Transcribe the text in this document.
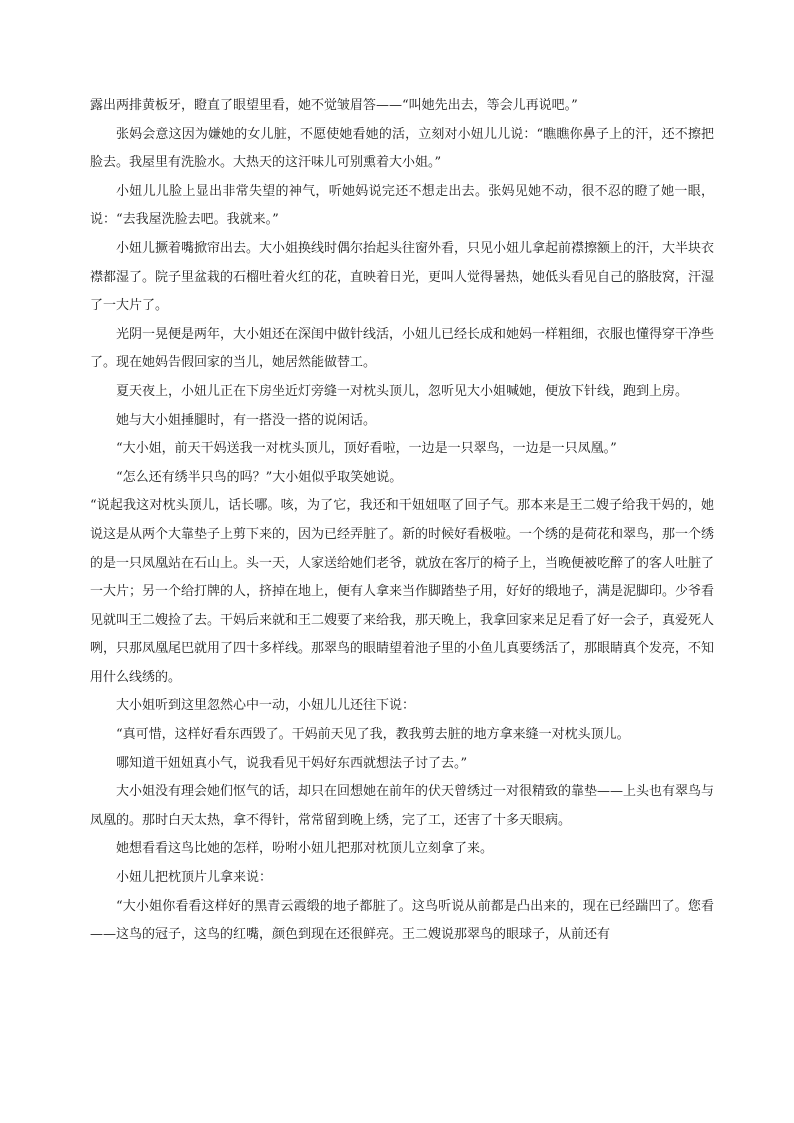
露出两排黄板牙，瞪直了眼望里看，她不觉皱眉答——“叫她先出去，等会儿再说吧。”

张妈会意这因为嫌她的女儿脏，不愿使她看她的活，立刻对小妞儿儿说：“瞧瞧你鼻子上的汗，还不擦把脸去。我屋里有洗脸水。大热天的这汗味儿可别熏着大小姐。”

小妞儿儿脸上显出非常失望的神气，听她妈说完还不想走出去。张妈见她不动，很不忍的瞪了她一眼，说：“去我屋洗脸去吧。我就来。”

小妞儿撅着嘴掀帘出去。大小姐换线时偶尔抬起头往窗外看，只见小妞儿拿起前襟擦额上的汗，大半块衣襟都湿了。院子里盆栽的石榴吐着火红的花，直映着日光，更叫人觉得暑热，她低头看见自己的胳肢窝，汗湿了一大片了。

光阴一晃便是两年，大小姐还在深闺中做针线活，小妞儿已经长成和她妈一样粗细，衣服也懂得穿干净些了。现在她妈告假回家的当儿，她居然能做替工。

夏天夜上，小妞儿正在下房坐近灯旁缝一对枕头顶儿，忽听见大小姐喊她，便放下针线，跑到上房。

她与大小姐捶腿时，有一搭没一搭的说闲话。

“大小姐，前天干妈送我一对枕头顶儿，顶好看啦，一边是一只翠鸟，一边是一只凤凰。”

“怎么还有绣半只鸟的吗？”大小姐似乎取笑她说。

“说起我这对枕头顶儿，话长哪。咳，为了它，我还和干妞妞呕了回子气。那本来是王二嫂子给我干妈的，她说这是从两个大靠垫子上剪下来的，因为已经弄脏了。新的时候好看极啦。一个绣的是荷花和翠鸟，那一个绣的是一只凤凰站在石山上。头一天，人家送给她们老爷，就放在客厅的椅子上，当晚便被吃醉了的客人吐脏了一大片；另一个给打牌的人，挤掉在地上，便有人拿来当作脚踏垫子用，好好的缎地子，满是泥脚印。少爷看见就叫王二嫂捡了去。干妈后来就和王二嫂要了来给我，那天晚上，我拿回家来足足看了好一会子，真爱死人咧，只那凤凰尾巴就用了四十多样线。那翠鸟的眼睛望着池子里的小鱼儿真要绣活了，那眼睛真个发亮，不知用什么线绣的。

大小姐听到这里忽然心中一动，小妞儿儿还往下说：

“真可惜，这样好看东西毁了。干妈前天见了我，教我剪去脏的地方拿来缝一对枕头顶儿。

哪知道干妞妞真小气，说我看见干妈好东西就想法子讨了去。”

大小姐没有理会她们怄气的话，却只在回想她在前年的伏天曾绣过一对很精致的靠垫——上头也有翠鸟与凤凰的。那时白天太热，拿不得针，常常留到晚上绣，完了工，还害了十多天眼病。

她想看看这鸟比她的怎样，吩咐小妞儿把那对枕顶儿立刻拿了来。

小妞儿把枕顶片儿拿来说：

“大小姐你看看这样好的黑青云霞缎的地子都脏了。这鸟听说从前都是凸出来的，现在已经踹凹了。您看——这鸟的冠子，这鸟的红嘴，颜色到现在还很鲜亮。王二嫂说那翠鸟的眼球子，从前还有
